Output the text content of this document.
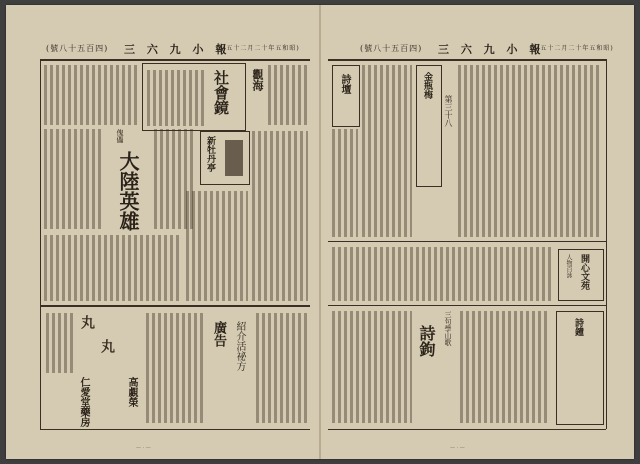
(號八十五百四) 三 六 九 小 報
(日五十二月二十年五和昭)
社會鏡 觀海
傀儡
大陸英雄	新牡丹亭
丸
丸
仁愛堂藥房	高覷榮
廣告 紹介活祕方
— · —
(號八十五百四) 三 六 九 小 報
(日五十二月二十年五和昭)
詩壇	金瓶梅
第三十八
開心文苑
人物百詠
詩鉤 三句學山歌	詩鐘
— · —
